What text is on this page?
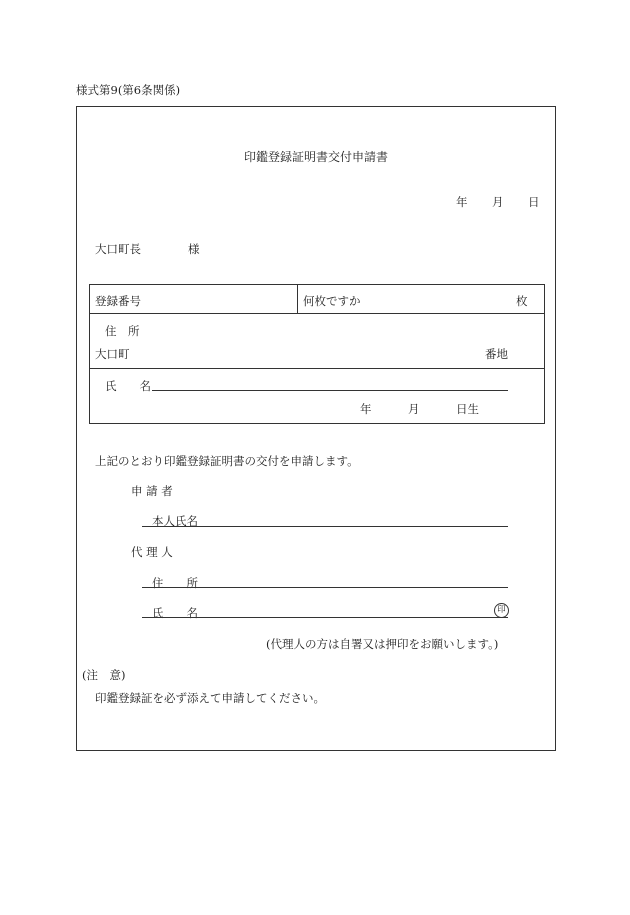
様式第9(第6条関係)
印鑑登録証明書交付申請書
年 月 日
大口町長	様
登録番号	何枚ですか	枚
住　所
大口町	番地
氏　　名
年	月	日生
上記のとおり印鑑登録証明書の交付を申請します。
申 請 者
本人氏名
代 理 人
住　　所
氏　　名	印
(代理人の方は自署又は押印をお願いします。)
(注　意)
印鑑登録証を必ず添えて申請してください。
